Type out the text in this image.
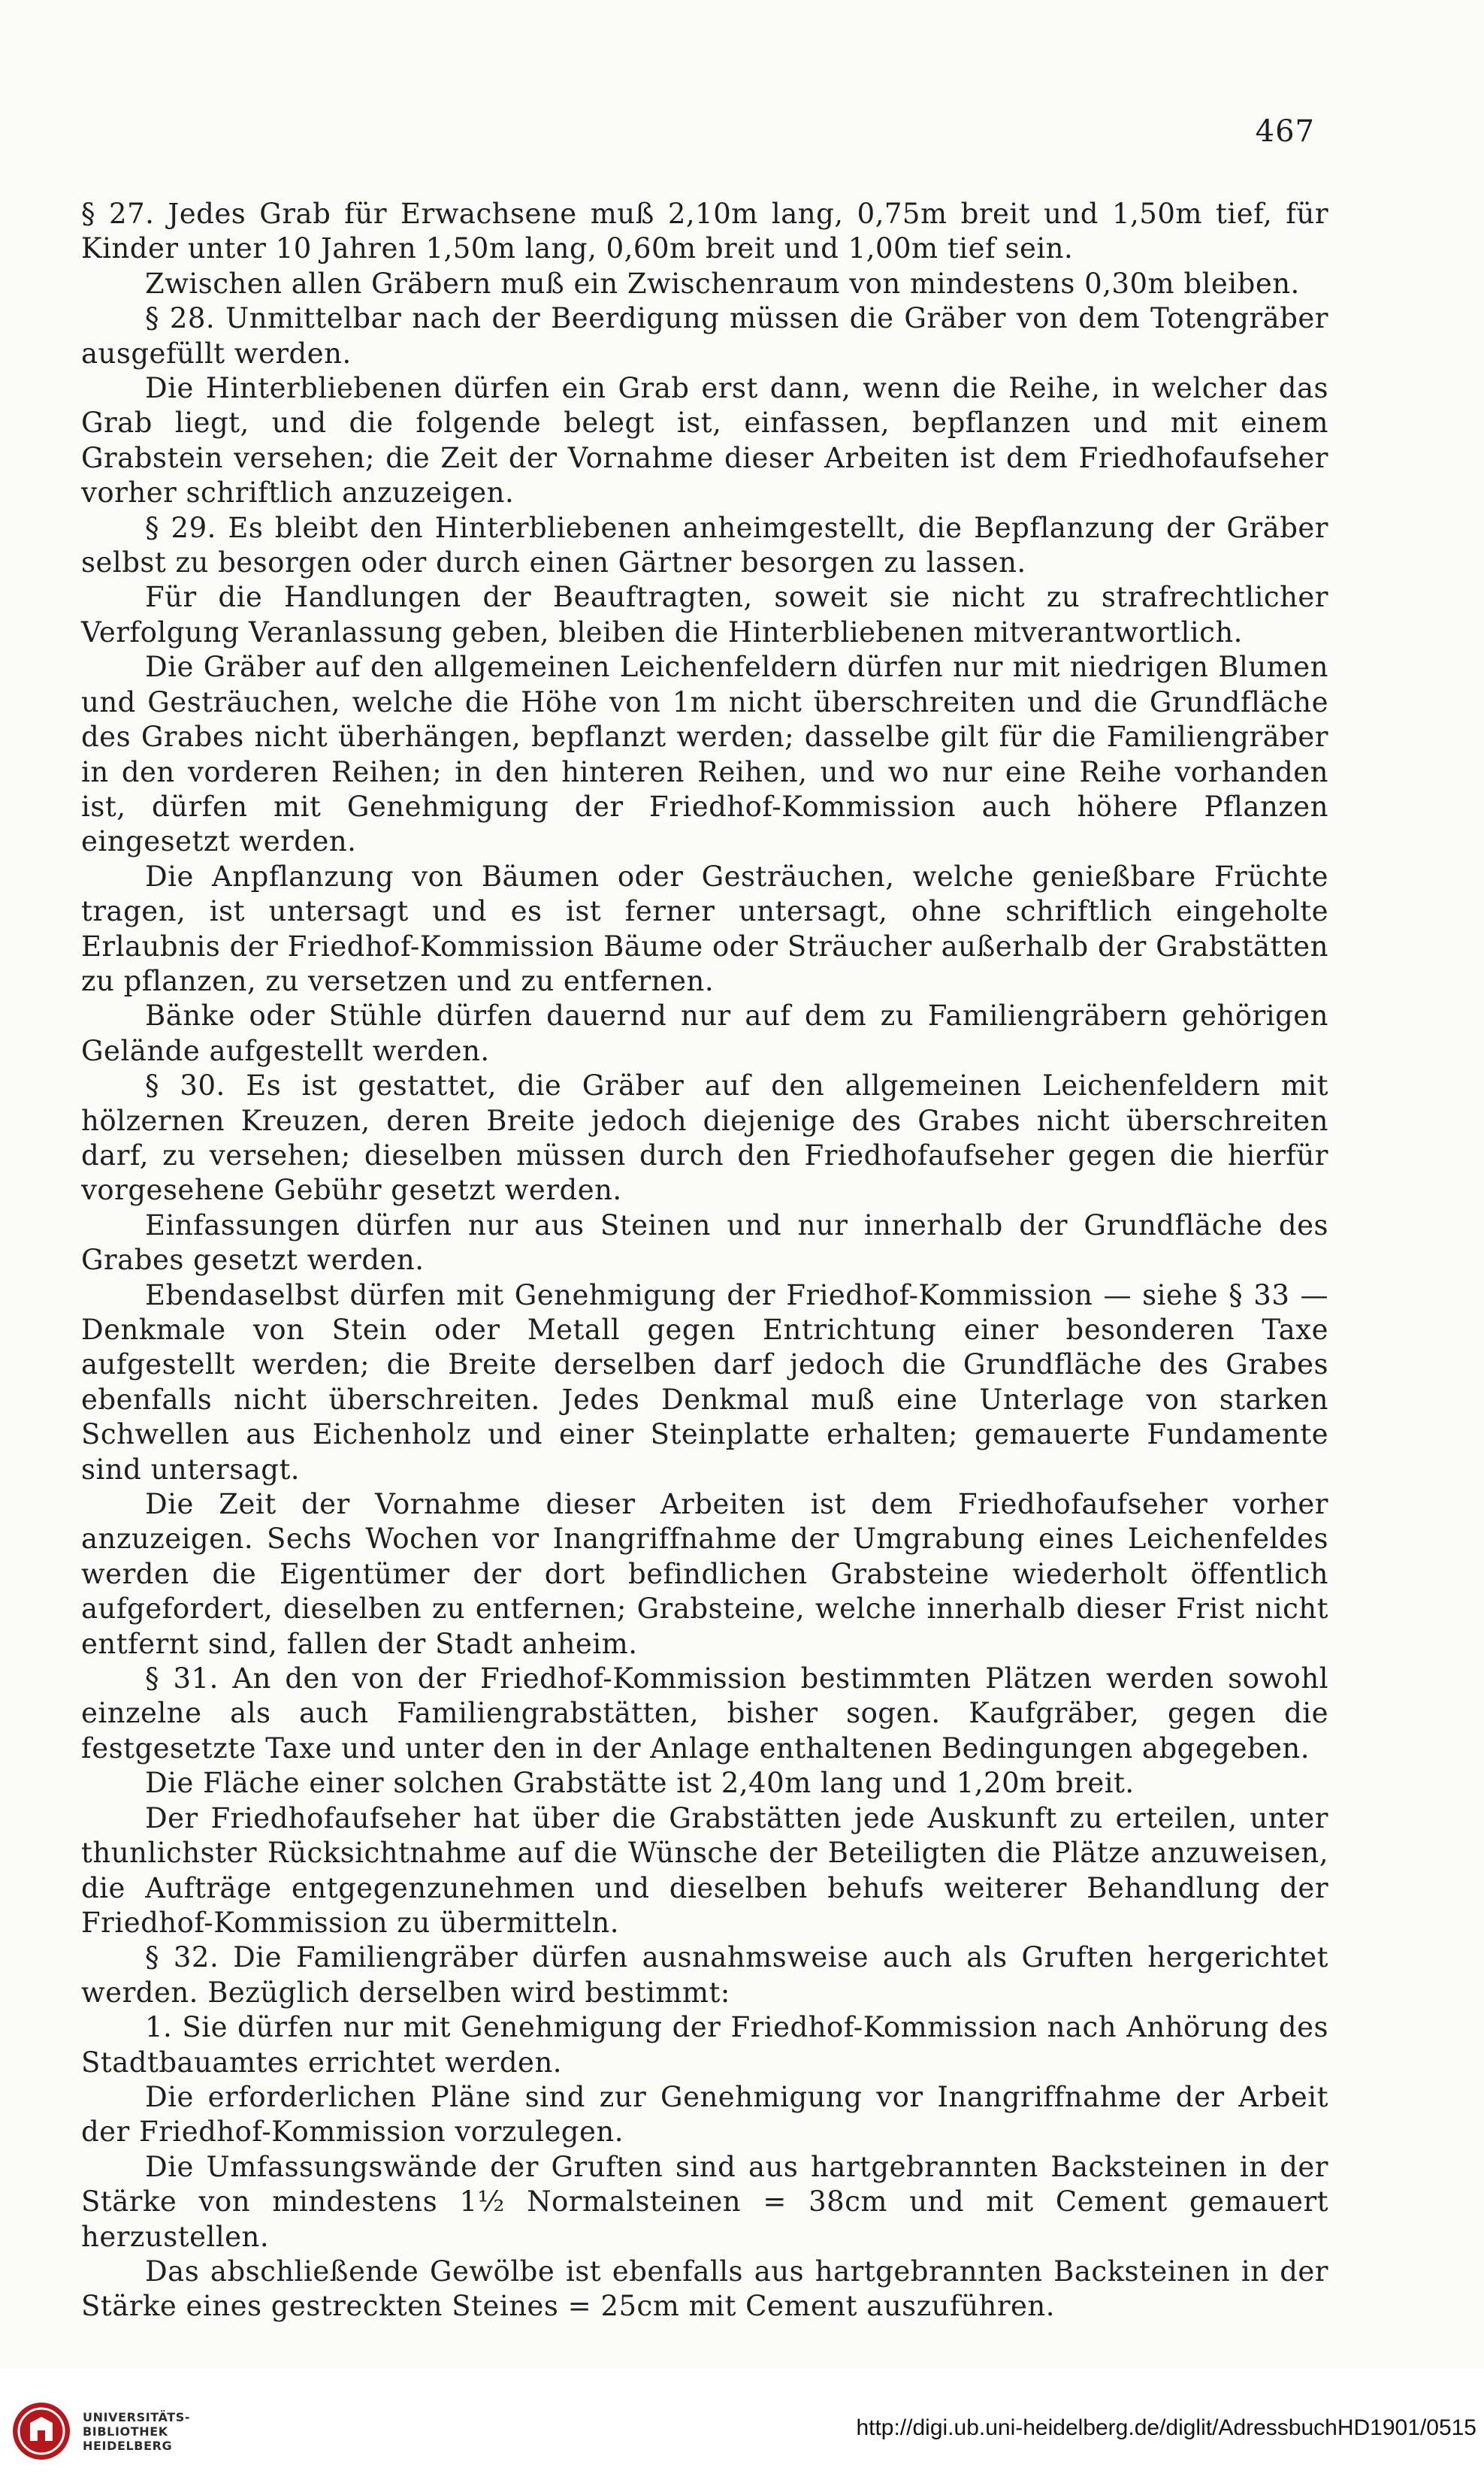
467

§ 27. Jedes Grab für Erwachsene muß 2,10m lang, 0,75m breit und 1,50m tief, für Kinder unter 10 Jahren 1,50m lang, 0,60m breit und 1,00m tief sein.

Zwischen allen Gräbern muß ein Zwischenraum von mindestens 0,30m bleiben.

§ 28. Unmittelbar nach der Beerdigung müssen die Gräber von dem Totengräber ausgefüllt werden.

Die Hinterbliebenen dürfen ein Grab erst dann, wenn die Reihe, in welcher das Grab liegt, und die folgende belegt ist, einfassen, bepflanzen und mit einem Grabstein versehen; die Zeit der Vornahme dieser Arbeiten ist dem Friedhofaufseher vorher schriftlich anzuzeigen.

§ 29. Es bleibt den Hinterbliebenen anheimgestellt, die Bepflanzung der Gräber selbst zu besorgen oder durch einen Gärtner besorgen zu lassen.

Für die Handlungen der Beauftragten, soweit sie nicht zu strafrechtlicher Verfolgung Veranlassung geben, bleiben die Hinterbliebenen mitverantwortlich.

Die Gräber auf den allgemeinen Leichenfeldern dürfen nur mit niedrigen Blumen und Gesträuchen, welche die Höhe von 1m nicht überschreiten und die Grundfläche des Grabes nicht überhängen, bepflanzt werden; dasselbe gilt für die Familiengräber in den vorderen Reihen; in den hinteren Reihen, und wo nur eine Reihe vorhanden ist, dürfen mit Genehmigung der Friedhof-Kommission auch höhere Pflanzen eingesetzt werden.

Die Anpflanzung von Bäumen oder Gesträuchen, welche genießbare Früchte tragen, ist untersagt und es ist ferner untersagt, ohne schriftlich eingeholte Erlaubnis der Friedhof-Kommission Bäume oder Sträucher außerhalb der Grabstätten zu pflanzen, zu versetzen und zu entfernen.

Bänke oder Stühle dürfen dauernd nur auf dem zu Familiengräbern gehörigen Gelände aufgestellt werden.

§ 30. Es ist gestattet, die Gräber auf den allgemeinen Leichenfeldern mit hölzernen Kreuzen, deren Breite jedoch diejenige des Grabes nicht überschreiten darf, zu versehen; dieselben müssen durch den Friedhofaufseher gegen die hierfür vorgesehene Gebühr gesetzt werden.

Einfassungen dürfen nur aus Steinen und nur innerhalb der Grundfläche des Grabes gesetzt werden.

Ebendaselbst dürfen mit Genehmigung der Friedhof-Kommission — siehe § 33 — Denkmale von Stein oder Metall gegen Entrichtung einer besonderen Taxe aufgestellt werden; die Breite derselben darf jedoch die Grundfläche des Grabes ebenfalls nicht überschreiten. Jedes Denkmal muß eine Unterlage von starken Schwellen aus Eichenholz und einer Steinplatte erhalten; gemauerte Fundamente sind untersagt.

Die Zeit der Vornahme dieser Arbeiten ist dem Friedhofaufseher vorher anzuzeigen. Sechs Wochen vor Inangriffnahme der Umgrabung eines Leichenfeldes werden die Eigentümer der dort befindlichen Grabsteine wiederholt öffentlich aufgefordert, dieselben zu entfernen; Grabsteine, welche innerhalb dieser Frist nicht entfernt sind, fallen der Stadt anheim.

§ 31. An den von der Friedhof-Kommission bestimmten Plätzen werden sowohl einzelne als auch Familiengrabstätten, bisher sogen. Kaufgräber, gegen die festgesetzte Taxe und unter den in der Anlage enthaltenen Bedingungen abgegeben.

Die Fläche einer solchen Grabstätte ist 2,40m lang und 1,20m breit.

Der Friedhofaufseher hat über die Grabstätten jede Auskunft zu erteilen, unter thunlichster Rücksichtnahme auf die Wünsche der Beteiligten die Plätze anzuweisen, die Aufträge entgegenzunehmen und dieselben behufs weiterer Behandlung der Friedhof-Kommission zu übermitteln.

§ 32. Die Familiengräber dürfen ausnahmsweise auch als Gruften hergerichtet werden. Bezüglich derselben wird bestimmt:

1. Sie dürfen nur mit Genehmigung der Friedhof-Kommission nach Anhörung des Stadtbauamtes errichtet werden.

Die erforderlichen Pläne sind zur Genehmigung vor Inangriffnahme der Arbeit der Friedhof-Kommission vorzulegen.

Die Umfassungswände der Gruften sind aus hartgebrannten Backsteinen in der Stärke von mindestens 1½ Normalsteinen = 38cm und mit Cement gemauert herzustellen.

Das abschließende Gewölbe ist ebenfalls aus hartgebrannten Backsteinen in der Stärke eines gestreckten Steines = 25cm mit Cement auszuführen.

UNIVERSITÄTS-
BIBLIOTHEK
HEIDELBERG
http://digi.ub.uni-heidelberg.de/diglit/AdressbuchHD1901/0515
